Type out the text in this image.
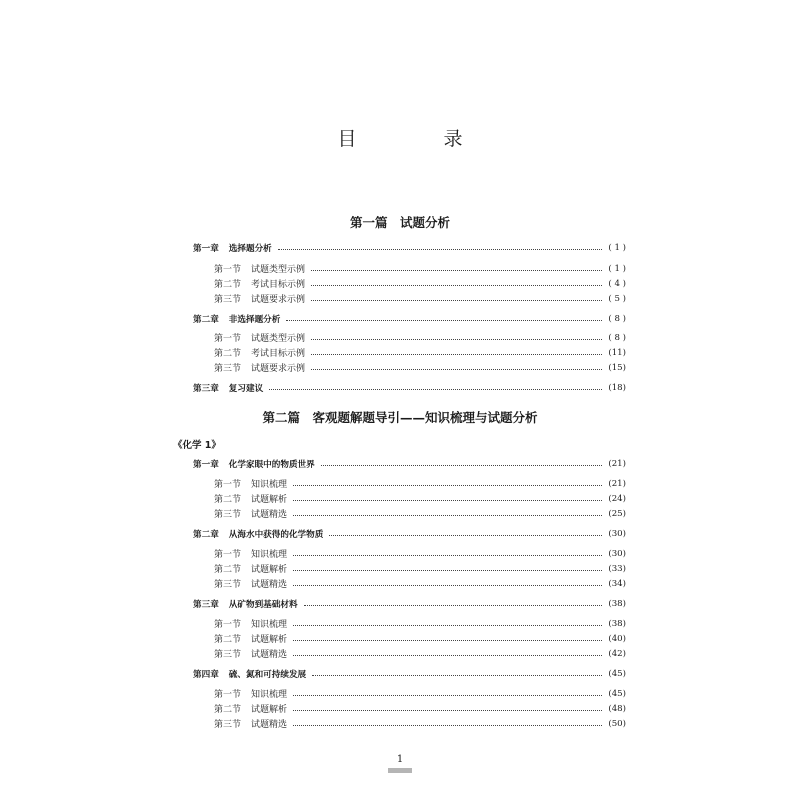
目　录
第一篇　试题分析
第二篇　客观题解题导引——知识梳理与试题分析
《化学 1》
第一章 选择题分析	( 1 )
第一节 试题类型示例	( 1 )
第二节 考试目标示例	( 4 )
第三节 试题要求示例	( 5 )
第二章 非选择题分析	( 8 )
第一节 试题类型示例	( 8 )
第二节 考试目标示例	(11)
第三节 试题要求示例	(15)
第三章 复习建议	(18)
第一章 化学家眼中的物质世界	(21)
第一节 知识梳理	(21)
第二节 试题解析	(24)
第三节 试题精选	(25)
第二章 从海水中获得的化学物质	(30)
第一节 知识梳理	(30)
第二节 试题解析	(33)
第三节 试题精选	(34)
第三章 从矿物到基础材料	(38)
第一节 知识梳理	(38)
第二节 试题解析	(40)
第三节 试题精选	(42)
第四章 硫、氮和可持续发展	(45)
第一节 知识梳理	(45)
第二节 试题解析	(48)
第三节 试题精选	(50)
1
